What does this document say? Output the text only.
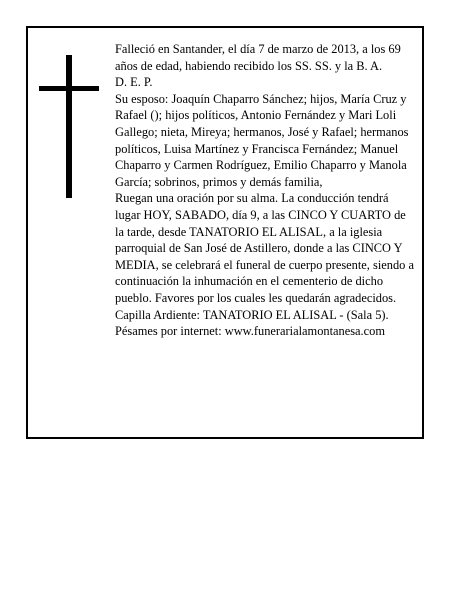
Falleció en Santander, el día 7 de marzo de 2013, a los 69 años de edad, habiendo recibido los SS. SS. y la B. A.

D. E. P.

Su esposo: Joaquín Chaparro Sánchez; hijos, María Cruz y Rafael (); hijos políticos, Antonio Fernández y Mari Loli Gallego; nieta, Mireya; hermanos, José y Rafael; hermanos políticos, Luisa Martínez y Francisca Fernández; Manuel Chaparro y Carmen Rodríguez, Emilio Chaparro y Manola García; sobrinos, primos y demás familia,

Ruegan una oración por su alma. La conducción tendrá lugar HOY, SABADO, día 9, a las CINCO Y CUARTO de la tarde, desde TANATORIO EL ALISAL, a la iglesia parroquial de San José de Astillero, donde a las CINCO Y MEDIA, se celebrará el funeral de cuerpo presente, siendo a continuación la inhumación en el cementerio de dicho pueblo. Favores por los cuales les quedarán agradecidos. Capilla Ardiente: TANATORIO EL ALISAL - (Sala 5).

Pésames por internet: www.funerarialamontanesa.com
